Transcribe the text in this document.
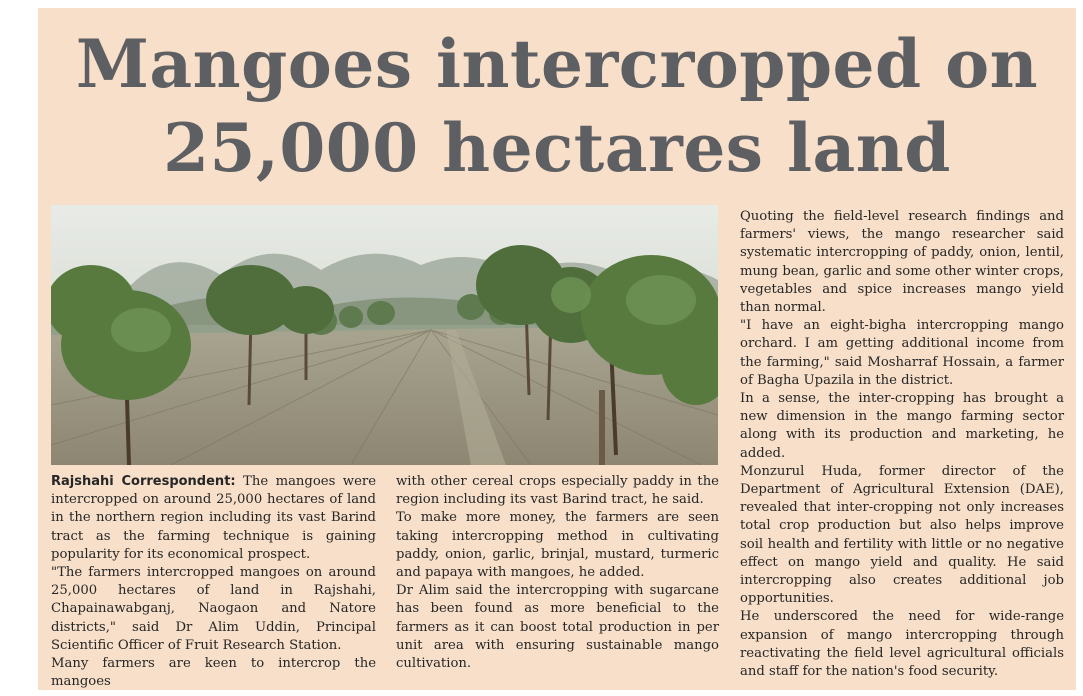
Mangoes intercropped on
25,000 hectares land

Rajshahi Correspondent: The mangoes were intercropped on around 25,000 hectares of land in the northern region including its vast Barind tract as the farming technique is gaining popularity for its economical prospect.

"The farmers intercropped mangoes on around 25,000 hectares of land in Rajshahi, Chapainawabganj, Naogaon and Natore districts," said Dr Alim Uddin, Principal Scientific Officer of Fruit Research Station.

Many farmers are keen to intercrop the mangoes

with other cereal crops especially paddy in the region including its vast Barind tract, he said.

To make more money, the farmers are seen taking intercropping method in cultivating paddy, onion, garlic, brinjal, mustard, turmeric and papaya with mangoes, he added.

Dr Alim said the intercropping with sugarcane has been found as more beneficial to the farmers as it can boost total production in per unit area with ensuring sustainable mango cultivation.

Quoting the field-level research findings and farmers' views, the mango researcher said systematic intercropping of paddy, onion, lentil, mung bean, garlic and some other winter crops, vegetables and spice increases mango yield than normal.

"I have an eight-bigha intercropping mango orchard. I am getting additional income from the farming," said Mosharraf Hossain, a farmer of Bagha Upazila in the district.

In a sense, the inter-cropping has brought a new dimension in the mango farming sector along with its production and marketing, he added.

Monzurul Huda, former director of the Department of Agricultural Extension (DAE), revealed that inter-cropping not only increases total crop production but also helps improve soil health and fertility with little or no negative effect on mango yield and quality. He said intercropping also creates additional job opportunities.

He underscored the need for wide-range expansion of mango intercropping through reactivating the field level agricultural officials and staff for the nation's food security.
